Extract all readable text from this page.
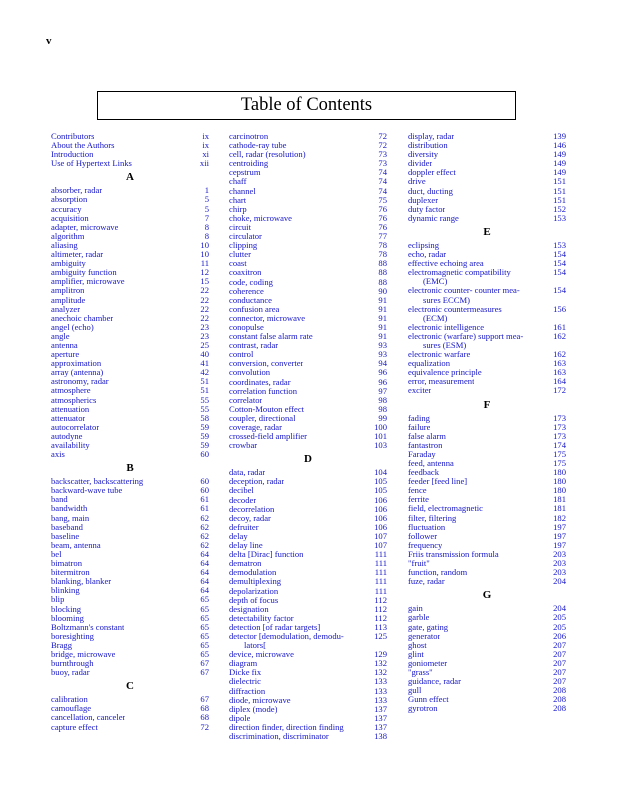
v
Table of Contents
Contributors	ix
About the Authors	ix
Introduction	xi
Use of Hypertext Links	xii
A
absorber, radar	1
absorption	5
accuracy	5
acquisition	7
adapter, microwave	8
algorithm	8
aliasing	10
altimeter, radar	10
ambiguity	11
ambiguity function	12
amplifier, microwave	15
amplitron	22
amplitude	22
analyzer	22
anechoic chamber	22
angel (echo)	23
angle	23
antenna	25
aperture	40
approximation	41
array (antenna)	42
astronomy, radar	51
atmosphere	51
atmospherics	55
attenuation	55
attenuator	58
autocorrelator	59
autodyne	59
availability	59
axis	60
B
backscatter, backscattering	60
backward-wave tube	60
band	61
bandwidth	61
bang, main	62
baseband	62
baseline	62
beam, antenna	62
bel	64
bimatron	64
bitermitron	64
blanking, blanker	64
blinking	64
blip	65
blocking	65
blooming	65
Boltzmann's constant	65
boresighting	65
Bragg	65
bridge, microwave	65
burnthrough	67
buoy, radar	67
C
calibration	67
camouflage	68
cancellation, canceler	68
capture effect	72
carcinotron	72
cathode-ray tube	72
cell, radar (resolution)	73
centroiding	73
cepstrum	74
chaff	74
channel	74
chart	75
chirp	76
choke, microwave	76
circuit	76
circulator	77
clipping	78
clutter	78
coast	88
coaxitron	88
code, coding	88
coherence	90
conductance	91
confusion area	91
connector, microwave	91
conopulse	91
constant false alarm rate	91
contrast, radar	93
control	93
conversion, converter	94
convolution	96
coordinates, radar	96
correlation function	97
correlator	98
Cotton-Mouton effect	98
coupler, directional	99
coverage, radar	100
crossed-field amplifier	101
crowbar	103
D
data, radar	104
deception, radar	105
decibel	105
decoder	106
decorrelation	106
decoy, radar	106
defruiter	106
delay	107
delay line	107
delta [Dirac] function	111
dematron	111
demodulation	111
demultiplexing	111
depolarization	111
depth of focus	112
designation	112
detectability factor	112
detection [of radar targets]	113
detector [demodulation, demodu-	125
lators[
device, microwave	129
diagram	132
Dicke fix	132
dielectric	133
diffraction	133
diode, microwave	133
diplex (mode)	137
dipole	137
direction finder, direction finding	137
discrimination, discriminator	138
display, radar	139
distribution	146
diversity	149
divider	149
doppler effect	149
drive	151
duct, ducting	151
duplexer	151
duty factor	152
dynamic range	153
E
eclipsing	153
echo, radar	154
effective echoing area	154
electromagnetic compatibility	154
(EMC)
electronic counter- counter mea-	154
sures ECCM)
electronic countermeasures	156
(ECM)
electronic intelligence	161
electronic (warfare) support mea-	162
sures (ESM)
electronic warfare	162
equalization	163
equivalence principle	163
error, measurement	164
exciter	172
F
fading	173
failure	173
false alarm	173
fantastron	174
Faraday	175
feed, antenna	175
feedback	180
feeder [feed line]	180
fence	180
ferrite	181
field, electromagnetic	181
filter, filtering	182
fluctuation	197
follower	197
frequency	197
Friis transmission formula	203
"fruit"	203
function, random	203
fuze, radar	204
G
gain	204
garble	205
gate, gating	205
generator	206
ghost	207
glint	207
goniometer	207
"grass"	207
guidance, radar	207
gull	208
Gunn effect	208
gyrotron	208
